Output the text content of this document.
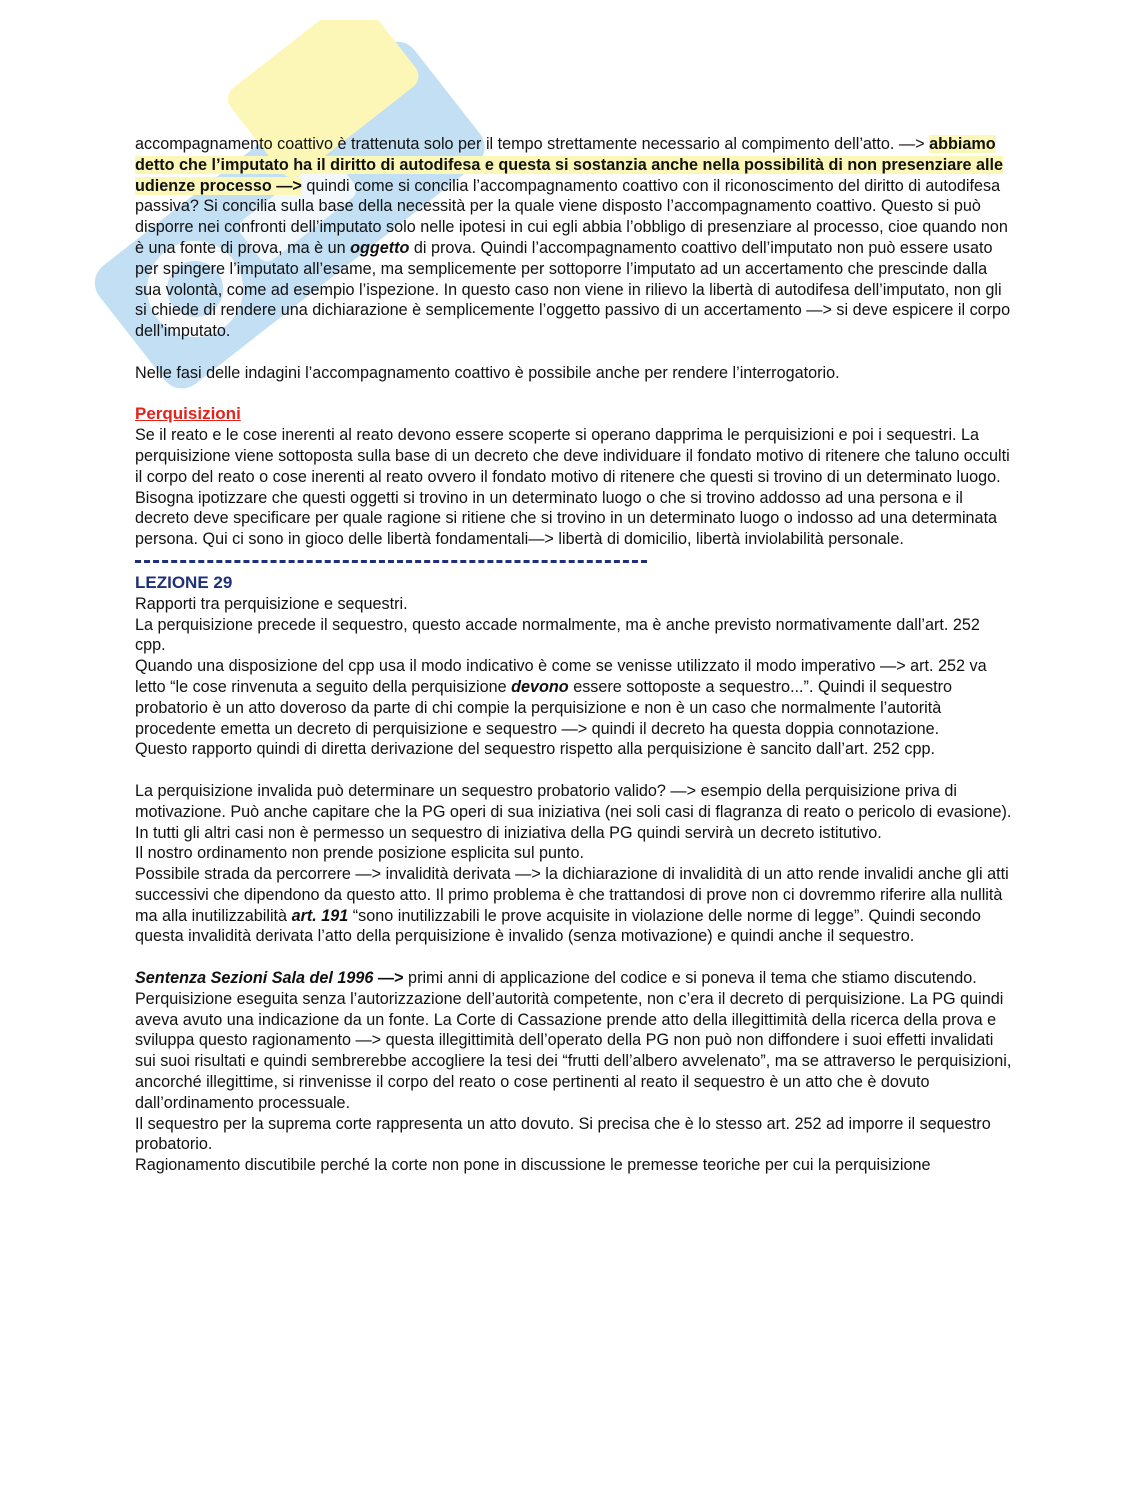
accompagnamento coattivo è trattenuta solo per il tempo strettamente necessario al compimento dell’atto. —> abbiamo detto che l’imputato ha il diritto di autodifesa e questa si sostanzia anche nella possibilità di non presenziare alle udienze processo —> quindi come si concilia l’accompagnamento coattivo con il riconoscimento del diritto di autodifesa passiva? Si concilia sulla base della necessità per la quale viene disposto l’accompagnamento coattivo. Questo si può disporre nei confronti dell’imputato solo nelle ipotesi in cui egli abbia l’obbligo di presenziare al processo, cioe quando non è una fonte di prova, ma è un oggetto di prova. Quindi l’accompagnamento coattivo dell’imputato non può essere usato per spingere l’imputato all’esame, ma semplicemente per sottoporre l’imputato ad un accertamento che prescinde dalla sua volontà, come ad esempio l’ispezione. In questo caso non viene in rilievo la libertà di autodifesa dell’imputato, non gli si chiede di rendere una dichiarazione è semplicemente l’oggetto passivo di un accertamento —> si deve espicere il corpo dell’imputato.

Nelle fasi delle indagini l’accompagnamento coattivo è possibile anche per rendere l’interrogatorio.

Perquisizioni

Se il reato e le cose inerenti al reato devono essere scoperte si operano dapprima le perquisizioni e poi i sequestri. La perquisizione viene sottoposta sulla base di un decreto che deve individuare il fondato motivo di ritenere che taluno occulti il corpo del reato o cose inerenti al reato ovvero il fondato motivo di ritenere che questi si trovino di un determinato luogo.

Bisogna ipotizzare che questi oggetti si trovino in un determinato luogo o che si trovino addosso ad una persona e il decreto deve specificare per quale ragione si ritiene che si trovino in un determinato luogo o indosso ad una determinata persona. Qui ci sono in gioco delle libertà fondamentali—> libertà di domicilio, libertà inviolabilità personale.

LEZIONE 29

Rapporti tra perquisizione e sequestri.

La perquisizione precede il sequestro, questo accade normalmente, ma è anche previsto normativamente dall’art. 252 cpp.

Quando una disposizione del cpp usa il modo indicativo è come se venisse utilizzato il modo imperativo —> art. 252 va letto “le cose rinvenuta a seguito della perquisizione devono essere sottoposte a sequestro...”. Quindi il sequestro probatorio è un atto doveroso da parte di chi compie la perquisizione e non è un caso che normalmente l’autorità procedente emetta un decreto di perquisizione e sequestro —> quindi il decreto ha questa doppia connotazione.

Questo rapporto quindi di diretta derivazione del sequestro rispetto alla perquisizione è sancito dall’art. 252 cpp.

La perquisizione invalida può determinare un sequestro probatorio valido? —> esempio della perquisizione priva di motivazione. Può anche capitare che la PG operi di sua iniziativa (nei soli casi di flagranza di reato o pericolo di evasione). In tutti gli altri casi non è permesso un sequestro di iniziativa della PG quindi servirà un decreto istitutivo.

Il nostro ordinamento non prende posizione esplicita sul punto.

Possibile strada da percorrere —> invalidità derivata —> la dichiarazione di invalidità di un atto rende invalidi anche gli atti successivi che dipendono da questo atto. Il primo problema è che trattandosi di prove non ci dovremmo riferire alla nullità ma alla inutilizzabilità art. 191 “sono inutilizzabili le prove acquisite in violazione delle norme di legge”. Quindi secondo questa invalidità derivata l’atto della perquisizione è invalido (senza motivazione) e quindi anche il sequestro.

Sentenza Sezioni Sala del 1996 —> primi anni di applicazione del codice e si poneva il tema che stiamo discutendo. Perquisizione eseguita senza l’autorizzazione dell’autorità competente, non c’era il decreto di perquisizione. La PG quindi aveva avuto una indicazione da un fonte. La Corte di Cassazione prende atto della illegittimità della ricerca della prova e sviluppa questo ragionamento —> questa illegittimità dell’operato della PG non può non diffondere i suoi effetti invalidati sui suoi risultati e quindi sembrerebbe accogliere la tesi dei “frutti dell’albero avvelenato”, ma se attraverso le perquisizioni, ancorché illegittime, si rinvenisse il corpo del reato o cose pertinenti al reato il sequestro è un atto che è dovuto dall’ordinamento processuale.

Il sequestro per la suprema corte rappresenta un atto dovuto. Si precisa che è lo stesso art. 252 ad imporre il sequestro probatorio.

Ragionamento discutibile perché la corte non pone in discussione le premesse teoriche per cui la perquisizione
